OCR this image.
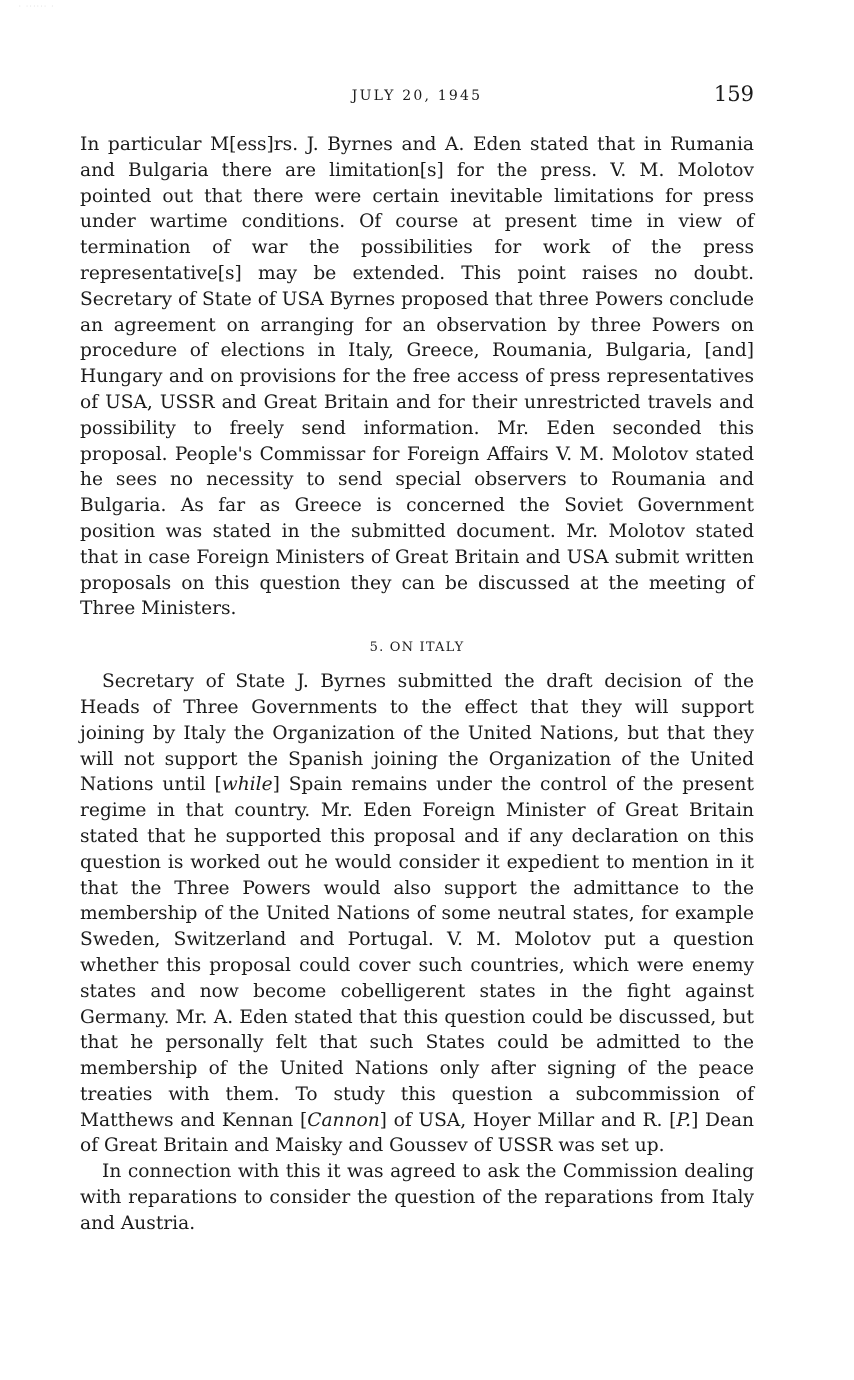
· ······ ·
JULY 20, 1945	159

In particular M[ess]rs. J. Byrnes and A. Eden stated that in Rumania and Bulgaria there are limitation[s] for the press. V. M. Molotov pointed out that there were certain inevitable limitations for press under wartime conditions. Of course at present time in view of termination of war the possibilities for work of the press representative[s] may be extended. This point raises no doubt. Secretary of State of USA Byrnes proposed that three Powers conclude an agreement on arranging for an observation by three Powers on procedure of elections in Italy, Greece, Roumania, Bulgaria, [and] Hungary and on provisions for the free access of press representatives of USA, USSR and Great Britain and for their unrestricted travels and possibility to freely send information. Mr. Eden seconded this proposal. People's Commissar for Foreign Affairs V. M. Molotov stated he sees no necessity to send special observers to Roumania and Bulgaria. As far as Greece is concerned the Soviet Government position was stated in the submitted document. Mr. Molotov stated that in case Foreign Ministers of Great Britain and USA submit written proposals on this question they can be discussed at the meeting of Three Ministers.

5. ON ITALY

Secretary of State J. Byrnes submitted the draft decision of the Heads of Three Governments to the effect that they will support joining by Italy the Organization of the United Nations, but that they will not support the Spanish joining the Organization of the United Nations until [while] Spain remains under the control of the present regime in that country. Mr. Eden Foreign Minister of Great Britain stated that he supported this proposal and if any declaration on this question is worked out he would consider it expedient to mention in it that the Three Powers would also support the admittance to the membership of the United Nations of some neutral states, for example Sweden, Switzerland and Portugal. V. M. Molotov put a question whether this proposal could cover such countries, which were enemy states and now become cobelligerent states in the fight against Germany. Mr. A. Eden stated that this question could be discussed, but that he personally felt that such States could be admitted to the membership of the United Nations only after signing of the peace treaties with them. To study this question a subcommission of Matthews and Kennan [Cannon] of USA, Hoyer Millar and R. [P.] Dean of Great Britain and Maisky and Goussev of USSR was set up.

In connection with this it was agreed to ask the Commission dealing with reparations to consider the question of the reparations from Italy and Austria.
